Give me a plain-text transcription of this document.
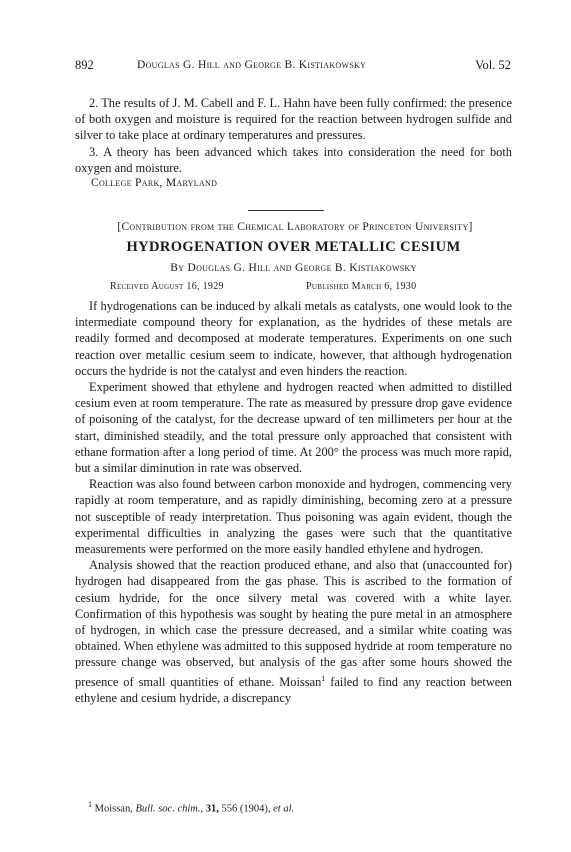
892	Douglas G. Hill and George B. Kistiakowsky	Vol. 52

2. The results of J. M. Cabell and F. L. Hahn have been fully confirmed: the presence of both oxygen and moisture is required for the reaction between hydrogen sulfide and silver to take place at ordinary temperatures and pressures.

3. A theory has been advanced which takes into consideration the need for both oxygen and moisture.

College Park, Maryland
[Contribution from the Chemical Laboratory of Princeton University]
HYDROGENATION OVER METALLIC CESIUM
By Douglas G. Hill and George B. Kistiakowsky
Received August 16, 1929	Published March 6, 1930

If hydrogenations can be induced by alkali metals as catalysts, one would look to the intermediate compound theory for explanation, as the hydrides of these metals are readily formed and decomposed at moderate temperatures. Experiments on one such reaction over metallic cesium seem to indicate, however, that although hydrogenation occurs the hydride is not the catalyst and even hinders the reaction.

Experiment showed that ethylene and hydrogen reacted when admitted to distilled cesium even at room temperature. The rate as measured by pressure drop gave evidence of poisoning of the catalyst, for the decrease upward of ten millimeters per hour at the start, diminished steadily, and the total pressure only approached that consistent with ethane formation after a long period of time. At 200° the process was much more rapid, but a similar diminution in rate was observed.

Reaction was also found between carbon monoxide and hydrogen, commencing very rapidly at room temperature, and as rapidly diminishing, becoming zero at a pressure not susceptible of ready interpretation. Thus poisoning was again evident, though the experimental difficulties in analyzing the gases were such that the quantitative measurements were performed on the more easily handled ethylene and hydrogen.

Analysis showed that the reaction produced ethane, and also that (unaccounted for) hydrogen had disappeared from the gas phase. This is ascribed to the formation of cesium hydride, for the once silvery metal was covered with a white layer. Confirmation of this hypothesis was sought by heating the pure metal in an atmosphere of hydrogen, in which case the pressure decreased, and a similar white coating was obtained. When ethylene was admitted to this supposed hydride at room temperature no pressure change was observed, but analysis of the gas after some hours showed the presence of small quantities of ethane. Moissan$^1$ failed to find any reaction between ethylene and cesium hydride, a discrepancy

$^1$ Moissan, Bull. soc. chim., 31, 556 (1904), et al.
